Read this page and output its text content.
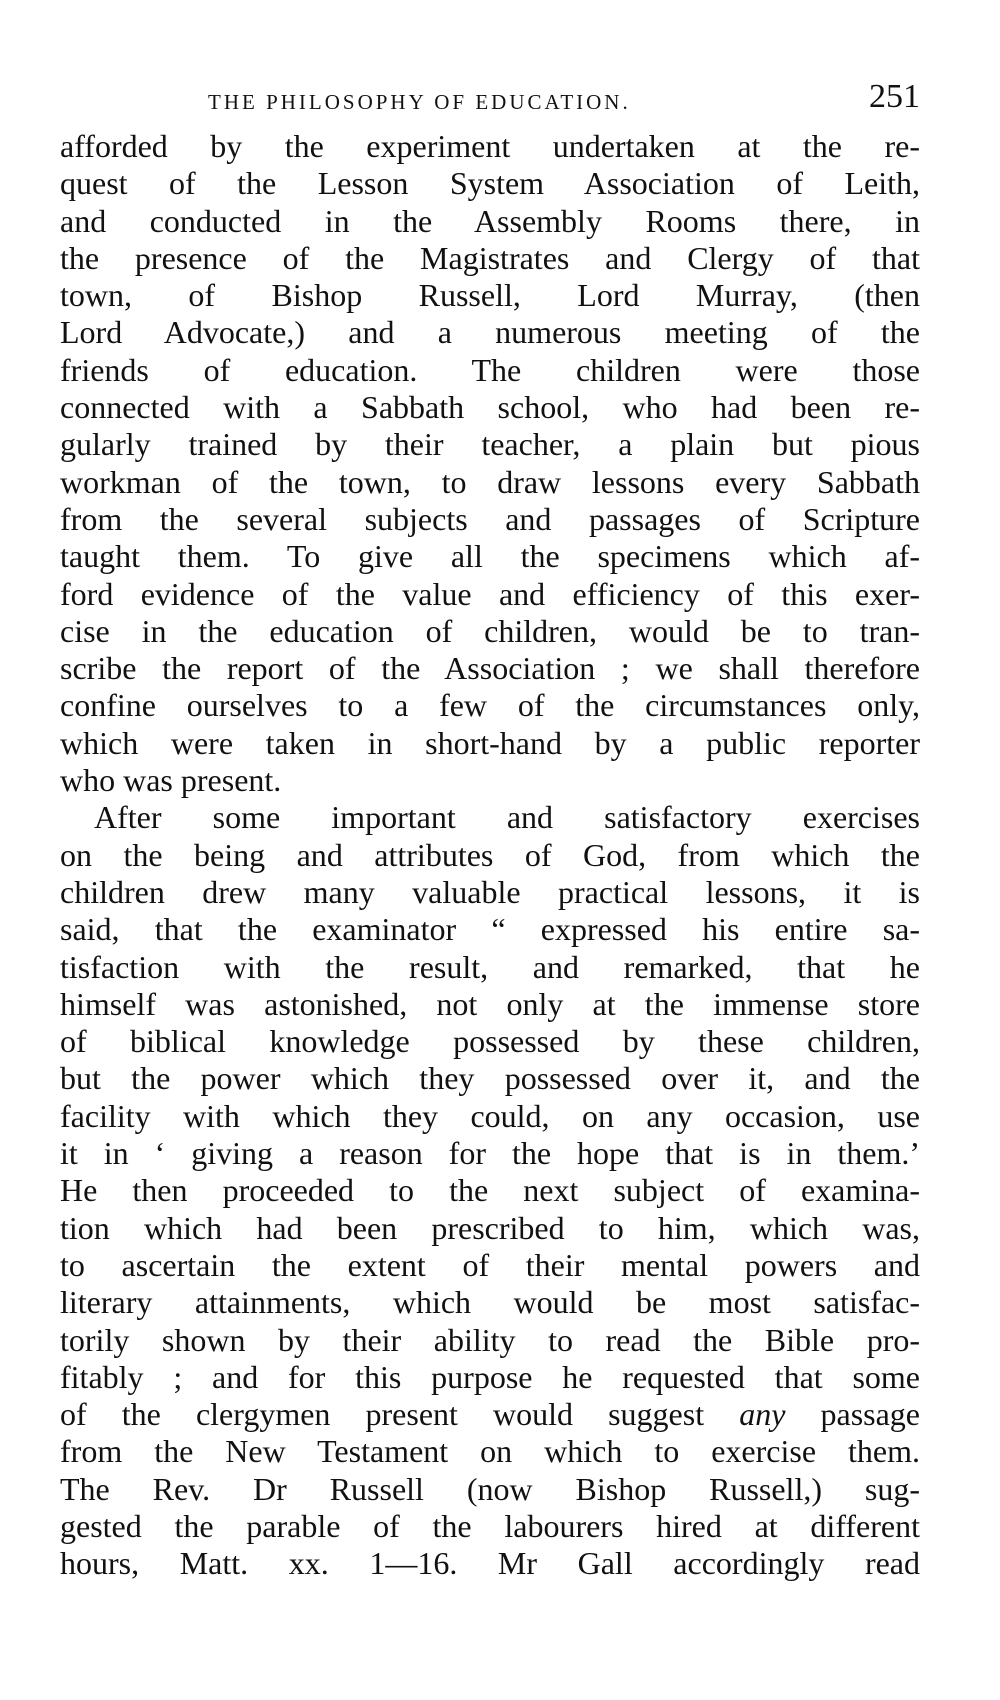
THE PHILOSOPHY OF EDUCATION.	251
afforded by the experiment undertaken at the re-
quest of the Lesson System Association of Leith,
and conducted in the Assembly Rooms there, in
the presence of the Magistrates and Clergy of that
town, of Bishop Russell, Lord Murray, (then
Lord Advocate,) and a numerous meeting of the
friends of education. The children were those
connected with a Sabbath school, who had been re-
gularly trained by their teacher, a plain but pious
workman of the town, to draw lessons every Sabbath
from the several subjects and passages of Scripture
taught them. To give all the specimens which af-
ford evidence of the value and efficiency of this exer-
cise in the education of children, would be to tran-
scribe the report of the Association ; we shall therefore
confine ourselves to a few of the circumstances only,
which were taken in short-hand by a public reporter
who was present.
After some important and satisfactory exercises
on the being and attributes of God, from which the
children drew many valuable practical lessons, it is
said, that the examinator “ expressed his entire sa-
tisfaction with the result, and remarked, that he
himself was astonished, not only at the immense store
of biblical knowledge possessed by these children,
but the power which they possessed over it, and the
facility with which they could, on any occasion, use
it in ‘ giving a reason for the hope that is in them.’
He then proceeded to the next subject of examina-
tion which had been prescribed to him, which was,
to ascertain the extent of their mental powers and
literary attainments, which would be most satisfac-
torily shown by their ability to read the Bible pro-
fitably ; and for this purpose he requested that some
of the clergymen present would suggest any passage
from the New Testament on which to exercise them.
The Rev. Dr Russell (now Bishop Russell,) sug-
gested the parable of the labourers hired at different
hours, Matt. xx. 1—16. Mr Gall accordingly read
